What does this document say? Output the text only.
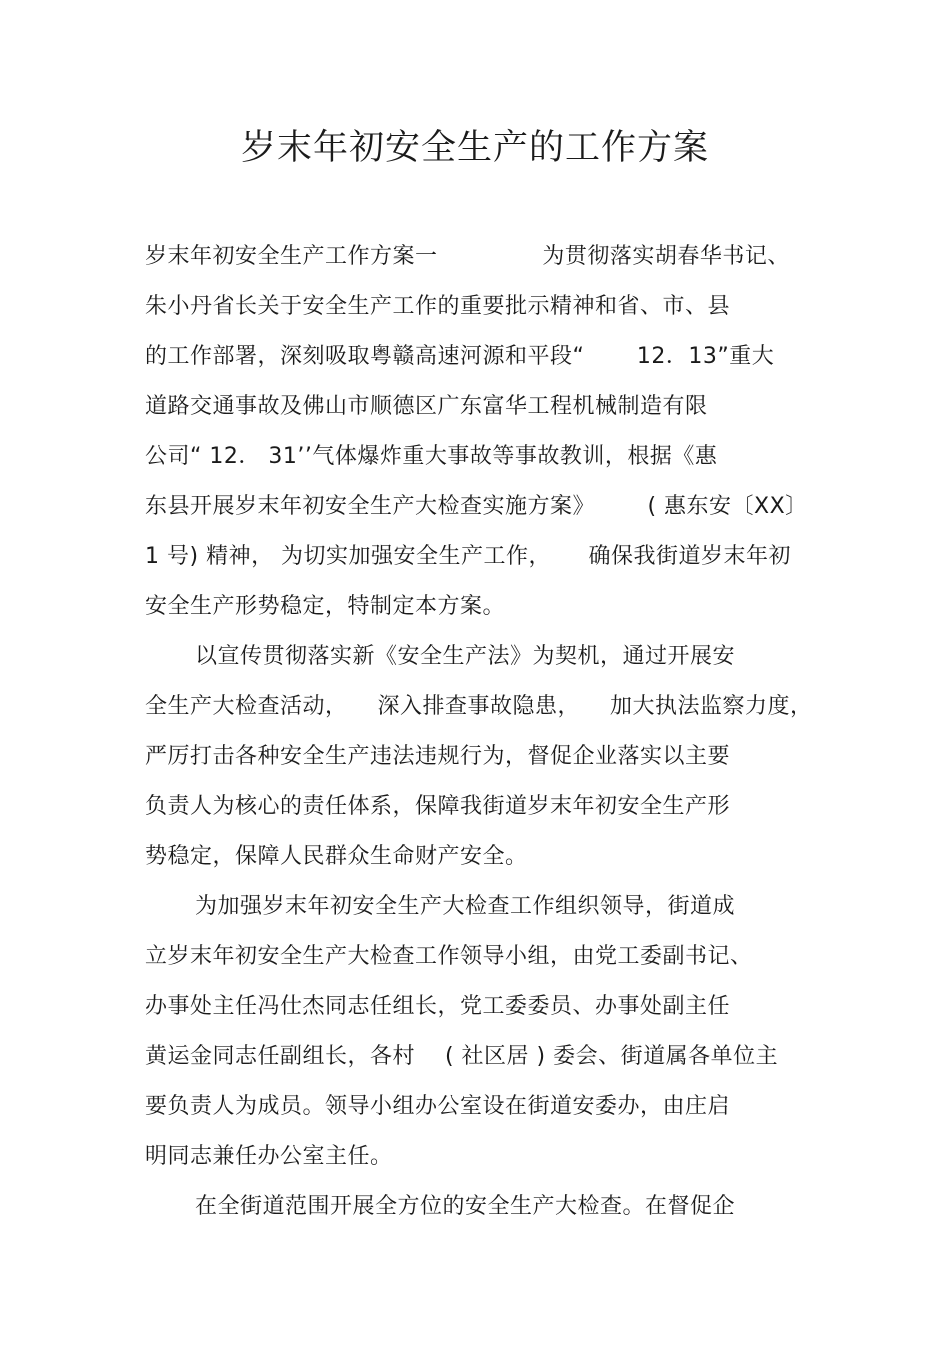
岁末年初安全生产的工作方案
岁末年初安全生产工作方案一              为贯彻落实胡春华书记、
朱小丹省长关于安全生产工作的重要批示精神和省、市、县
的工作部署，深刻吸取粤赣高速河源和平段“       12．13”重大
道路交通事故及佛山市顺德区广东富华工程机械制造有限
公司“ 12． 31’’气体爆炸重大事故等事故教训，根据《惠
东县开展岁末年初安全生产大检查实施方案》       ( 惠东安〔XX〕
1 号) 精神， 为切实加强安全生产工作，     确保我街道岁末年初
安全生产形势稳定，特制定本方案。
以宣传贯彻落实新《安全生产法》为契机，通过开展安
全生产大检查活动，    深入排查事故隐患，    加大执法监察力度，
严厉打击各种安全生产违法违规行为，督促企业落实以主要
负责人为核心的责任体系，保障我街道岁末年初安全生产形
势稳定，保障人民群众生命财产安全。
为加强岁末年初安全生产大检查工作组织领导，街道成
立岁末年初安全生产大检查工作领导小组，由党工委副书记、
办事处主任冯仕杰同志任组长，党工委委员、办事处副主任
黄运金同志任副组长，各村    ( 社区居 ) 委会、街道属各单位主
要负责人为成员。领导小组办公室设在街道安委办，由庄启
明同志兼任办公室主任。
在全街道范围开展全方位的安全生产大检查。在督促企
